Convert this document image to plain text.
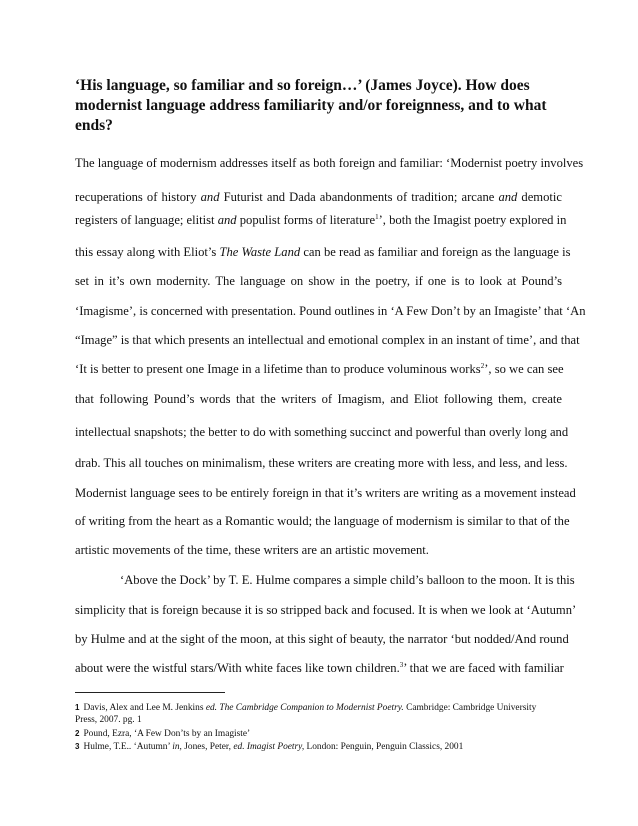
‘His language, so familiar and so foreign…’ (James Joyce). How does modernist language address familiarity and/or foreignness, and to what ends?
The language of modernism addresses itself as both foreign and familiar: ‘Modernist poetry involves
recuperations of history and Futurist and Dada abandonments of tradition; arcane and demotic
registers of language; elitist and populist forms of literature$^1$’, both the Imagist poetry explored in
this essay along with Eliot’s The Waste Land can be read as familiar and foreign as the language is
set in it’s own modernity. The language on show in the poetry, if one is to look at Pound’s
‘Imagisme’, is concerned with presentation. Pound outlines in ‘A Few Don’t by an Imagiste’ that ‘An
“Image” is that which presents an intellectual and emotional complex in an instant of time’, and that
‘It is better to present one Image in a lifetime than to produce voluminous works$^2$’, so we can see
that following Pound’s words that the writers of Imagism, and Eliot following them, create
intellectual snapshots; the better to do with something succinct and powerful than overly long and
drab. This all touches on minimalism, these writers are creating more with less, and less, and less.
Modernist language sees to be entirely foreign in that it’s writers are writing as a movement instead
of writing from the heart as a Romantic would; the language of modernism is similar to that of the
artistic movements of the time, these writers are an artistic movement.
‘Above the Dock’ by T. E. Hulme compares a simple child’s balloon to the moon. It is this
simplicity that is foreign because it is so stripped back and focused. It is when we look at ‘Autumn’
by Hulme and at the sight of the moon, at this sight of beauty, the narrator ‘but nodded/And round
about were the wistful stars/With white faces like town children.$^3$’ that we are faced with familiar
1 Davis, Alex and Lee M. Jenkins ed. The Cambridge Companion to Modernist Poetry. Cambridge: Cambridge University
Press, 2007. pg. 1
2 Pound, Ezra, ‘A Few Don’ts by an Imagiste’
3 Hulme, T.E.. ‘Autumn’ in, Jones, Peter, ed. Imagist Poetry, London: Penguin, Penguin Classics, 2001
